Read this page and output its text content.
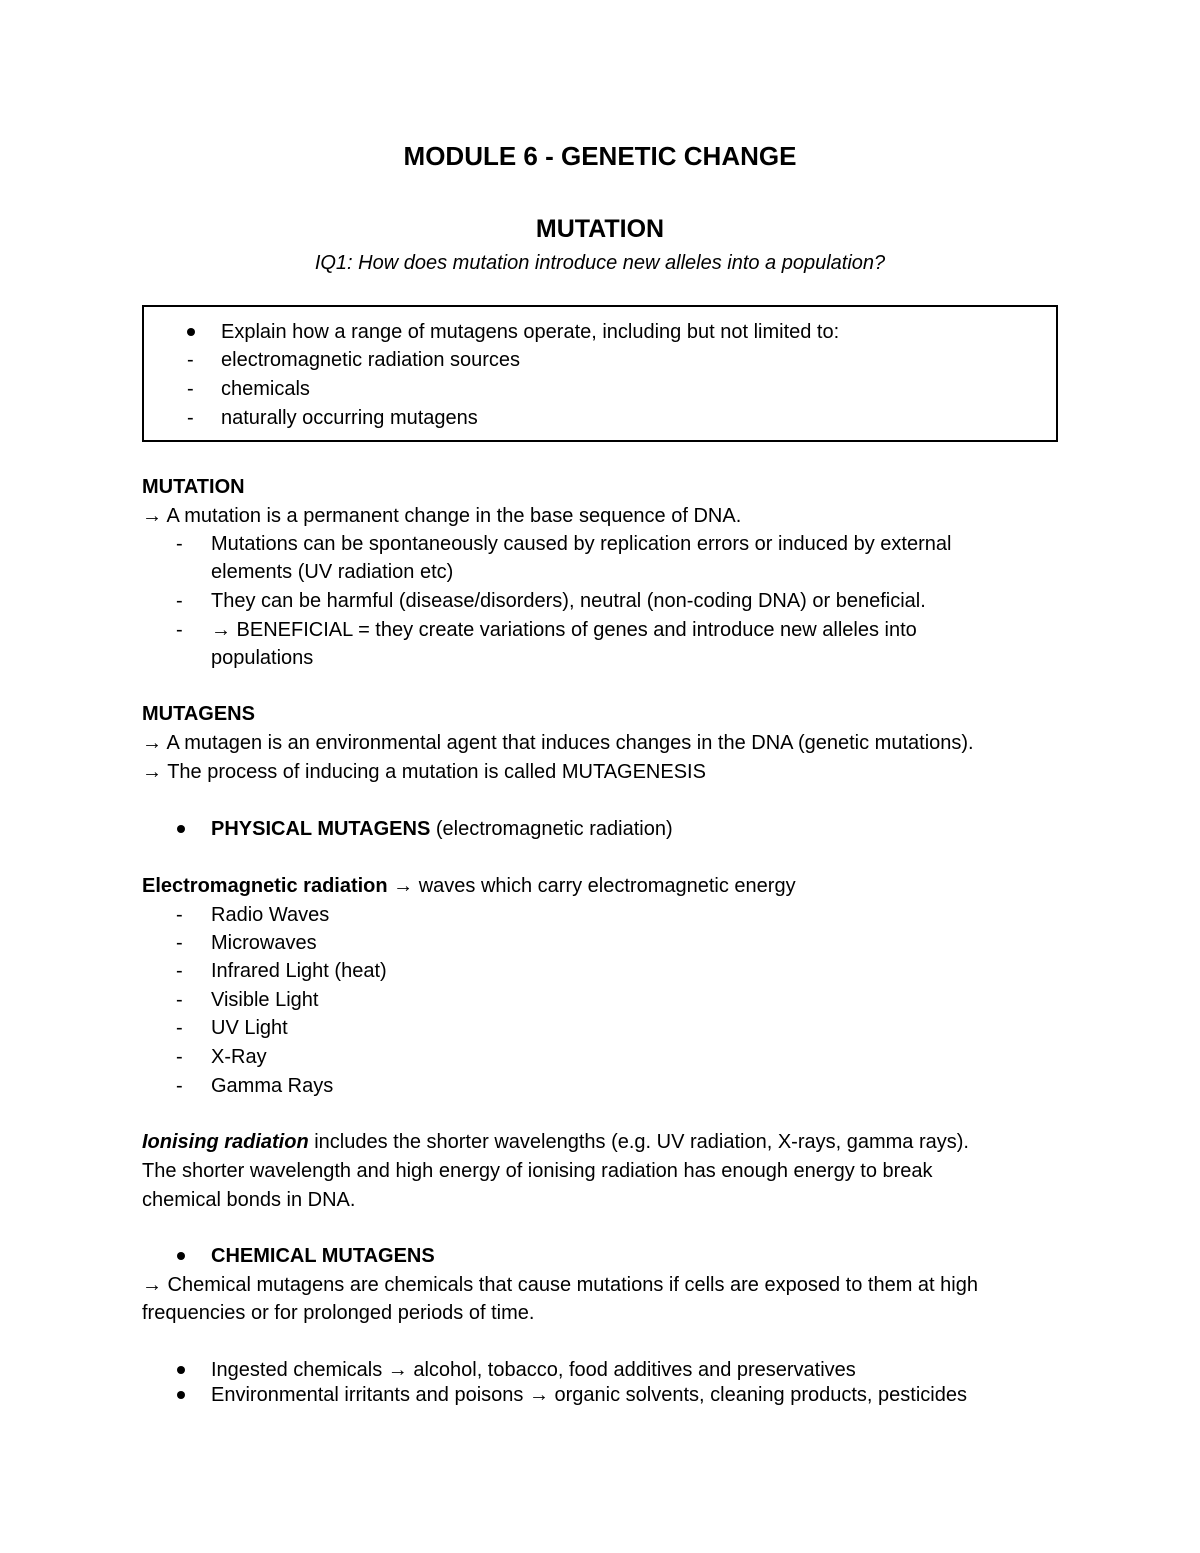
MODULE 6 - GENETIC CHANGE
MUTATION
IQ1: How does mutation introduce new alleles into a population?
Explain how a range of mutagens operate, including but not limited to:
- electromagnetic radiation sources
- chemicals
- naturally occurring mutagens
MUTATION
→ A mutation is a permanent change in the base sequence of DNA.
- Mutations can be spontaneously caused by replication errors or induced by external
elements (UV radiation etc)
- They can be harmful (disease/disorders), neutral (non-coding DNA) or beneficial.
- → BENEFICIAL = they create variations of genes and introduce new alleles into
populations
MUTAGENS
→ A mutagen is an environmental agent that induces changes in the DNA (genetic mutations).
→ The process of inducing a mutation is called MUTAGENESIS
PHYSICAL MUTAGENS (electromagnetic radiation)
Electromagnetic radiation → waves which carry electromagnetic energy
- Radio Waves
- Microwaves
- Infrared Light (heat)
- Visible Light
- UV Light
- X-Ray
- Gamma Rays
Ionising radiation includes the shorter wavelengths (e.g. UV radiation, X-rays, gamma rays).
The shorter wavelength and high energy of ionising radiation has enough energy to break
chemical bonds in DNA.
CHEMICAL MUTAGENS
→ Chemical mutagens are chemicals that cause mutations if cells are exposed to them at high
frequencies or for prolonged periods of time.
Ingested chemicals → alcohol, tobacco, food additives and preservatives
Environmental irritants and poisons → organic solvents, cleaning products, pesticides
